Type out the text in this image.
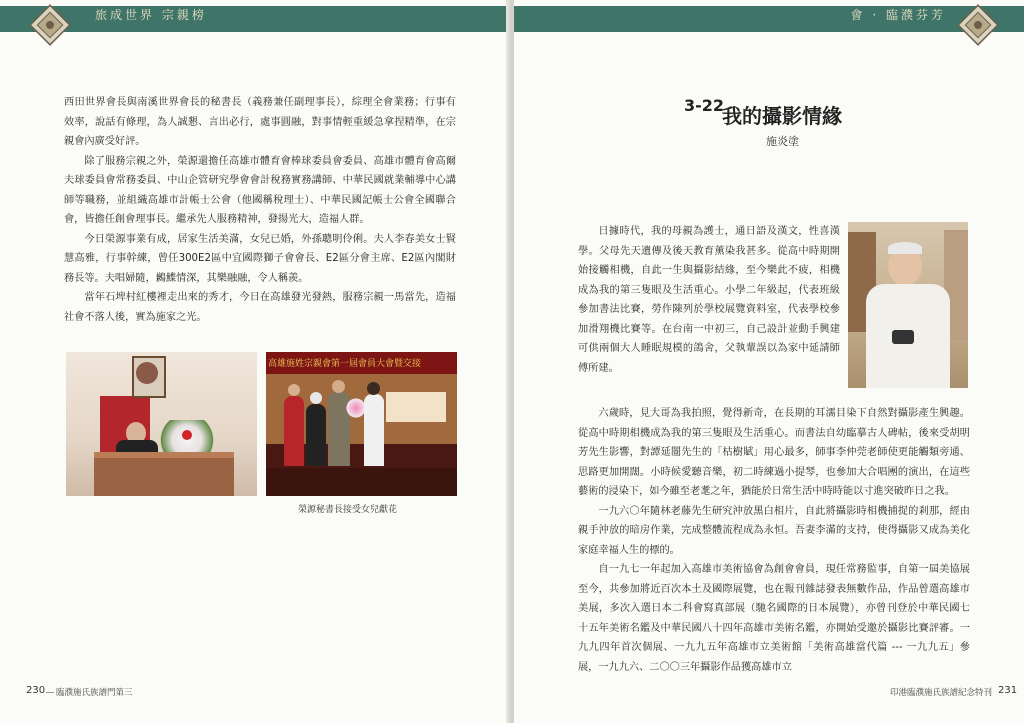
旅成世界 宗親榜

西田世界會長與南溪世界會長的秘書長（義務兼任副理事長），綜理全會業務；行事有效率，說話有條理，為人誠懇、言出必行，處事圓融，對事情輕重緩急拿捏精準，在宗親會內廣受好評。

除了服務宗親之外，榮源還擔任高雄市體育會棒球委員會委員、高雄市體育會高爾夫球委員會常務委員、中山企管研究學會會計稅務實務講師、中華民國就業輔導中心講師等職務，並組織高雄市計帳士公會（他國稱稅理士）、中華民國記帳士公會全國聯合會，皆擔任創會理事長。繼承先人服務精神，發揚光大，造福人群。

今日榮源事業有成，居家生活美滿，女兒已婚，外孫聰明伶俐。夫人李春美女士賢慧高雅，行事幹練，曾任300E2區中宜國際獅子會會長、E2區分會主席、E2區內閣財務長等。夫唱婦隨，鶼鰈情深，其樂融融，令人稱羨。

當年石埤村紅樓裡走出來的秀才，今日在高雄發光發熱，服務宗親一馬當先，造福社會不落人後，實為施家之光。

高雄施姓宗親會第一屆會員大會暨交接
榮源秘書長接受女兒獻花
230 臨濮施氏族譜門第三
會 · 臨濮芬芳
3-22
我的攝影情緣
施炎塗

日據時代，我的母親為護士，通日語及漢文，性喜漢學。父母先天遺傳及後天教育薰染我甚多。從高中時期開始接觸相機，自此一生與攝影結緣，至今樂此不疲，相機成為我的第三隻眼及生活重心。小學二年級起，代表班級參加書法比賽，勞作陳列於學校展覽資料室，代表學校參加滑翔機比賽等。在台南一中初三，自己設計並動手興建可供兩個大人睡眠規模的鴿舍，父執輩誤以為家中延請師傅所建。

六歲時，見大哥為我拍照，覺得新奇，在長期的耳濡目染下自然對攝影產生興趣。從高中時期相機成為我的第三隻眼及生活重心。而書法自幼臨摹古人碑帖，後來受胡明芳先生影響，對譚延闓先生的「枯樹賦」用心最多，師事李仲莞老師使更能觸類旁通、思路更加開闊。小時候愛聽音樂，初二時練過小提琴，也參加大合唱團的演出，在這些藝術的浸染下，如今雖至老耄之年，猶能於日常生活中時時能以寸進突破昨日之我。

一九六〇年隨林老藤先生研究沖放黑白相片，自此將攝影時相機捕捉的剎那，經由親手沖放的暗房作業，完成整體流程成為永恒。吾妻李滿的支持，使得攝影又成為美化家庭幸福人生的標的。

自一九七一年起加入高雄市美術協會為創會會員，現任常務監事，自第一屆美協展至今，共參加將近百次本土及國際展覽，也在報刊雜誌發表無數作品，作品曾選高雄市美展，多次入選日本二科會寫真部展（馳名國際的日本展覽），亦曾刊登於中華民國七十五年美術名鑑及中華民國八十四年高雄市美術名鑑，亦開始受邀於攝影比賽評審。一九九四年首次個展、一九九五年高雄市立美術館「美術高雄當代篇 --- 一九九五」參展，一九九六、二〇〇三年攝影作品獲高雄市立

印港臨濮施氏族譜紀念特刊 231
